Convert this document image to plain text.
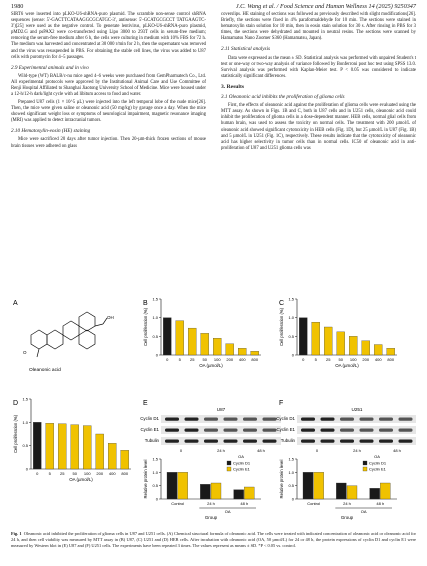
1980	J.C. Wang et al. / Food Science and Human Wellness 14 (2025) 9250347

SIRT6 were inserted into pLKO-U6-shRNA-puro plasmid. The scramble non-sense control shRNA sequences (sense: 5'-GACTTCATAAGGCGCATGC-3', antisense: 5'-GCATGCGCCT TATGAAGTC-3')[25] were used as the negative control. To generate lentivirus, pLKO-U6-shRNA-puro plasmid, pMD2.G and psPAX2 were co-transfected using Lipo 3000 to 293T cells in serum-free medium; removing the serum-free medium after 6 h, the cells were culturing in medium with 10% FBS for 72 h. The medium was harvested and concentrated at 30 000 r/min for 2 h, then the supernatant was removed and the virus was resuspended in PBS. For obtaining the stable cell lines, the virus was added to U87 cells with puromycin for 4–5 passages.

2.9 Experimental animals and in vivo

Wild-type (WT) BALB/c-nu mice aged 4–6 weeks were purchased from GemPharmatech Co., Ltd. All experimental protocols were approved by the Institutional Animal Care and Use Committee of Renji Hospital Affiliated to Shanghai Jiaotong University School of Medicine. Mice were housed under a 12-h/12-h dark/light cycle with ad libitum access to food and water.

Prepared U87 cells (1 × 10^5 µL) were injected into the left temporal lobe of the nude mice[26]. Then, the mice were given saline or oleanonic acid (50 mg/kg) by gavage once a day. When the mice showed significant weight loss or symptoms of neurological impairment, magnetic resonance imaging (MRI) was applied to detect intracranial tumors.

2.10 Hematoxylin-eosin (HE) staining

Mice were sacrificed 20 days after tumor injection. Then 20-µm-thick frozen sections of mouse brain tissues were adhered on glass

coverslips. HE staining of sections was followed as previously described with slight modifications[26]. Briefly, the sections were fixed in 4% paraformaldehyde for 10 min. The sections were stained in hematoxylin stain solution for 10 min, then in eosin stain solution for 30 s. After rinsing in PBS for 3 times, the sections were dehydrated and mounted in neutral resins. The sections were scanned by Hamamatsu Nano Zoomer S360 (Hamamatsu, Japan).

2.11 Statistical analysis

Data were expressed as the mean ± SD. Statistical analysis was performed with unpaired Student's t test or one-way or two-way analysis of variance followed by Bonferroni post hoc test using SPSS 13.0. Survival analysis was performed with Kaplan-Meier test. P < 0.05 was considered to indicate statistically significant differences.

3. Results

3.1 Oleanonic acid inhibits the proliferation of glioma cells

First, the effects of oleanonic acid against the proliferation of glioma cells were evaluated using the MTT assay. As shown in Figs. 1B and C, both in U87 cells and in U251 cells, oleanonic acid could inhibit the proliferation of glioma cells in a dose-dependent manner. HEB cells, normal glial cells from human brain, was used to assess the toxicity on normal cells. The treatment with 200 µmol/L of oleanonic acid showed significant cytotoxicity in HEB cells (Fig. 1D), but 25 µmol/L in U87 (Fig. 1B) and 5 µmol/L in U251 (Fig. 1C), respectively. These results indicate that the cytotoxicity of oleanonic acid has higher selectivity in tumor cells than in normal cells. IC50 of oleanonic acid in anti-proliferation of U87 and U251 glioma cells was

A
O
OH
Oleanonic acid
B	C
D	E	F
0
0.5
1.0
1.5
Cell proliferation (%)
0	5 25 50 100 200 400 800
OA (µmol/L)
0
0.5
1.0
1.5
Cell proliferation (%)
0	5 25 50 100 200 400 800
OA (µmol/L)
0
0.5
1.0
1.5
Cell proliferation (%)
0	5 25 50 100 200 400 800
OA (µmol/L)
U87
Cyclin D1
Cyclin E1
Tubulin
0	24 h	48 h
OA
U251
Cyclin D1
Cyclin E1
Tubulin
0	24 h	48 h
OA
0
0.5
1.0
1.5
Relative protein level
Control	24 h	48 h
OA
Group
Cyclin D1
Cyclin E1
0
0.5
1.0
1.5
Relative protein level
Control	24 h	48 h
OA
Group
Cyclin D1
Cyclin E1
Fig. 1 Oleanonic acid inhibited the proliferation of glioma cells in U87 and U251 cells. (A) Chemical structural formula of oleanonic acid. The cells were treated with indicated concentration of oleanonic acid or oleanonic acid for 24 h, and then cell viability was measured by MTT assay in (B) U87, (C) U251 and (D) HEB cells. After incubation with oleanonic acid (OA, 50 µmol/L) for 24 or 48 h, the protein expressions of cyclin D1 and cyclin E1 were measured by Western blot in (E) U87 and (F) U251 cells. The experiments have been repeated 3 times. The values represent as means ± SD. *P < 0.05 vs. control.
